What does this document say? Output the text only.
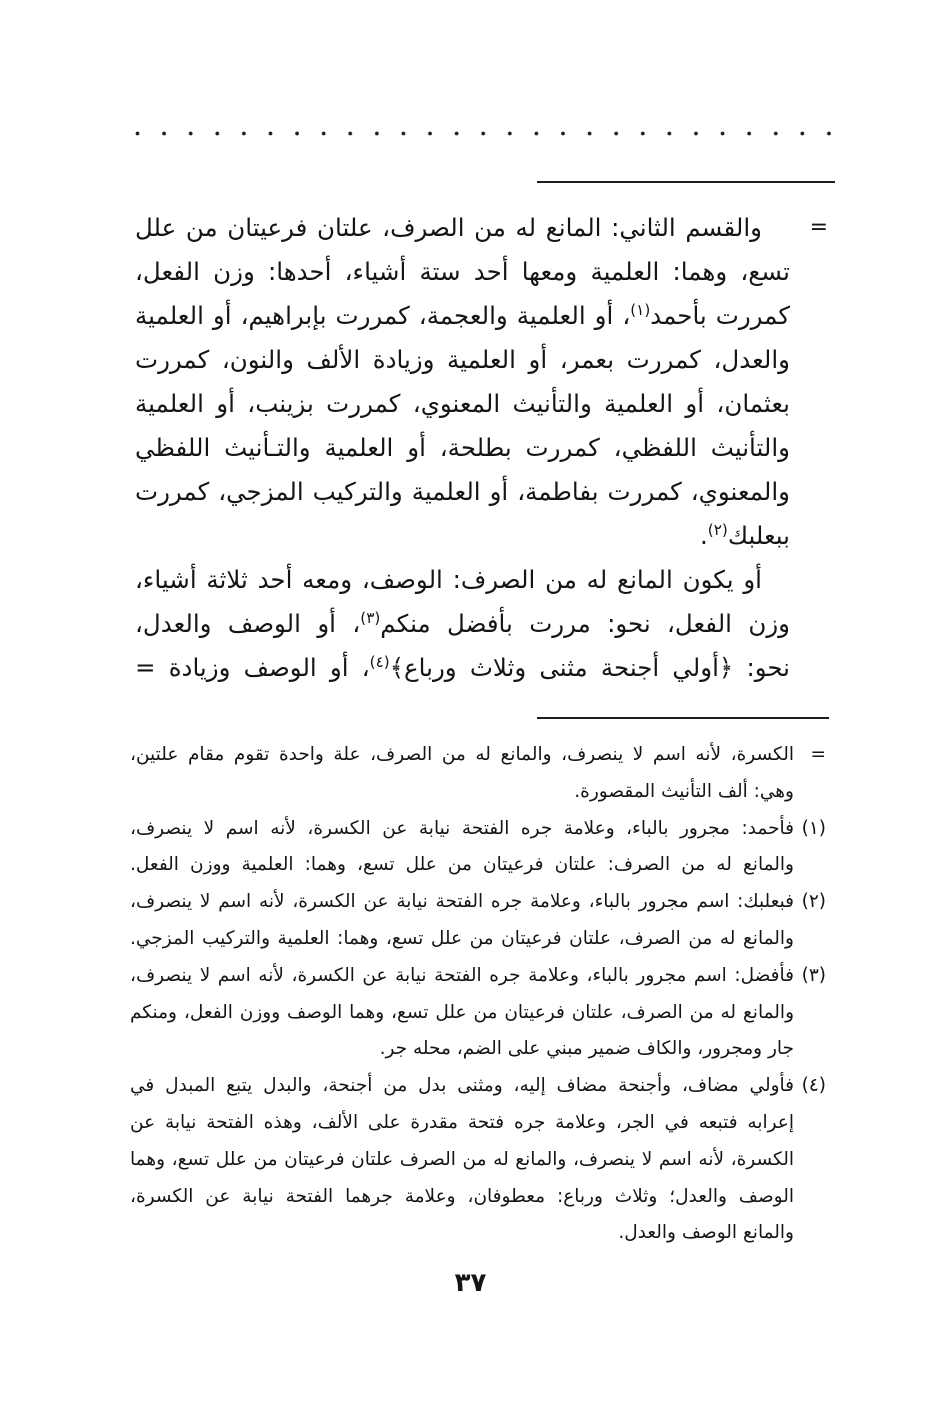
=
والقسم الثاني: المانع له من الصرف، علتان فرعيتان من علل
تسع، وهما: العلمية ومعها أحد ستة أشياء، أحدها: وزن الفعل،
كمررت بأحمد$^{(١)}$، أو العلمية والعجمة، كمررت بإبراهيم، أو العلمية
والعدل، كمررت بعمر، أو العلمية وزيادة الألف والنون، كمررت
بعثمان، أو العلمية والتأنيث المعنوي، كمررت بزينب، أو العلمية
والتأنيث اللفظي، كمررت بطلحة، أو العلمية والتـأنيث اللفظي
والمعنوي، كمررت بفاطمة، أو العلمية والتركيب المزجي، كمررت
ببعلبك$^{(٢)}$.
أو يكون المانع له من الصرف: الوصف، ومعه أحد ثلاثة أشياء،
وزن الفعل، نحو: مررت بأفضل منكم$^{(٣)}$، أو الوصف والعدل،
نحو: ﴿أولي أجنحة مثنى وثلاث ورباع﴾$^{(٤)}$، أو الوصف وزيادة =
=
الكسرة، لأنه اسم لا ينصرف، والمانع له من الصرف، علة واحدة تقوم مقام علتين،
وهي: ألف التأنيث المقصورة.
(١)
فأحمد: مجرور بالباء، وعلامة جره الفتحة نيابة عن الكسرة، لأنه اسم لا ينصرف،
والمانع له من الصرف: علتان فرعيتان من علل تسع، وهما: العلمية ووزن الفعل.
(٢)
فبعلبك: اسم مجرور بالباء، وعلامة جره الفتحة نيابة عن الكسرة، لأنه اسم لا ينصرف،
والمانع له من الصرف، علتان فرعيتان من علل تسع، وهما: العلمية والتركيب المزجي.
(٣)
فأفضل: اسم مجرور بالباء، وعلامة جره الفتحة نيابة عن الكسرة، لأنه اسم لا ينصرف،
والمانع له من الصرف، علتان فرعيتان من علل تسع، وهما الوصف ووزن الفعل، ومنكم
جار ومجرور، والكاف ضمير مبني على الضم، محله جر.
(٤)
فأولي مضاف، وأجنحة مضاف إليه، ومثنى بدل من أجنحة، والبدل يتبع المبدل في
إعرابه فتبعه في الجر، وعلامة جره فتحة مقدرة على الألف، وهذه الفتحة نيابة عن
الكسرة، لأنه اسم لا ينصرف، والمانع له من الصرف علتان فرعيتان من علل تسع، وهما
الوصف والعدل؛ وثلاث ورباع: معطوفان، وعلامة جرهما الفتحة نيابة عن الكسرة،
والمانع الوصف والعدل.
٣٧
